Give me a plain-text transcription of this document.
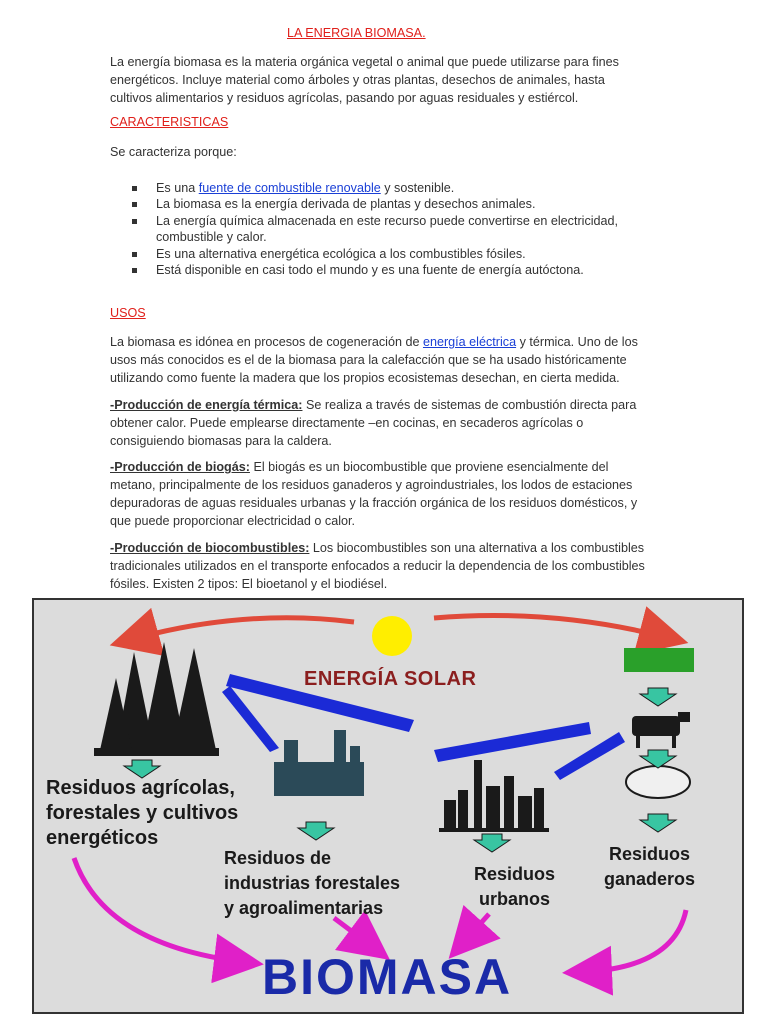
LA ENERGIA BIOMASA.
La energía biomasa es la materia orgánica vegetal o animal que puede utilizarse para fines energéticos. Incluye material como árboles y otras plantas, desechos de animales, hasta cultivos alimentarios y residuos agrícolas, pasando por aguas residuales y estiércol.
CARACTERISTICAS
Se caracteriza porque:
Es una fuente de combustible renovable y sostenible.
La biomasa es la energía derivada de plantas y desechos animales.
La energía química almacenada en este recurso puede convertirse en electricidad, combustible y calor.
Es una alternativa energética ecológica a los combustibles fósiles.
Está disponible en casi todo el mundo y es una fuente de energía autóctona.
USOS
La biomasa es idónea en procesos de cogeneración de energía eléctrica y térmica. Uno de los usos más conocidos es el de la biomasa para la calefacción que se ha usado históricamente utilizando como fuente la madera que los propios ecosistemas desechan, en cierta medida.
-Producción de energía térmica: Se realiza a través de sistemas de combustión directa para obtener calor. Puede emplearse directamente –en cocinas, en secaderos agrícolas o consiguiendo biomasas para la caldera.
-Producción de biogás: El biogás es un biocombustible que proviene esencialmente del metano, principalmente de los residuos ganaderos y agroindustriales, los lodos de estaciones depuradoras de aguas residuales urbanas y la fracción orgánica de los residuos domésticos, y que puede proporcionar electricidad o calor.
-Producción de biocombustibles: Los biocombustibles son una alternativa a los combustibles tradicionales utilizados en el transporte enfocados a reducir la dependencia de los combustibles fósiles. Existen 2 tipos: El bioetanol y el biodiésel.
ENERGÍA SOLAR
Residuos agrícolas,
forestales y cultivos
energéticos
Residuos de
industrias forestales
y agroalimentarias
Residuos
urbanos
Residuos
ganaderos
BIOMASA
